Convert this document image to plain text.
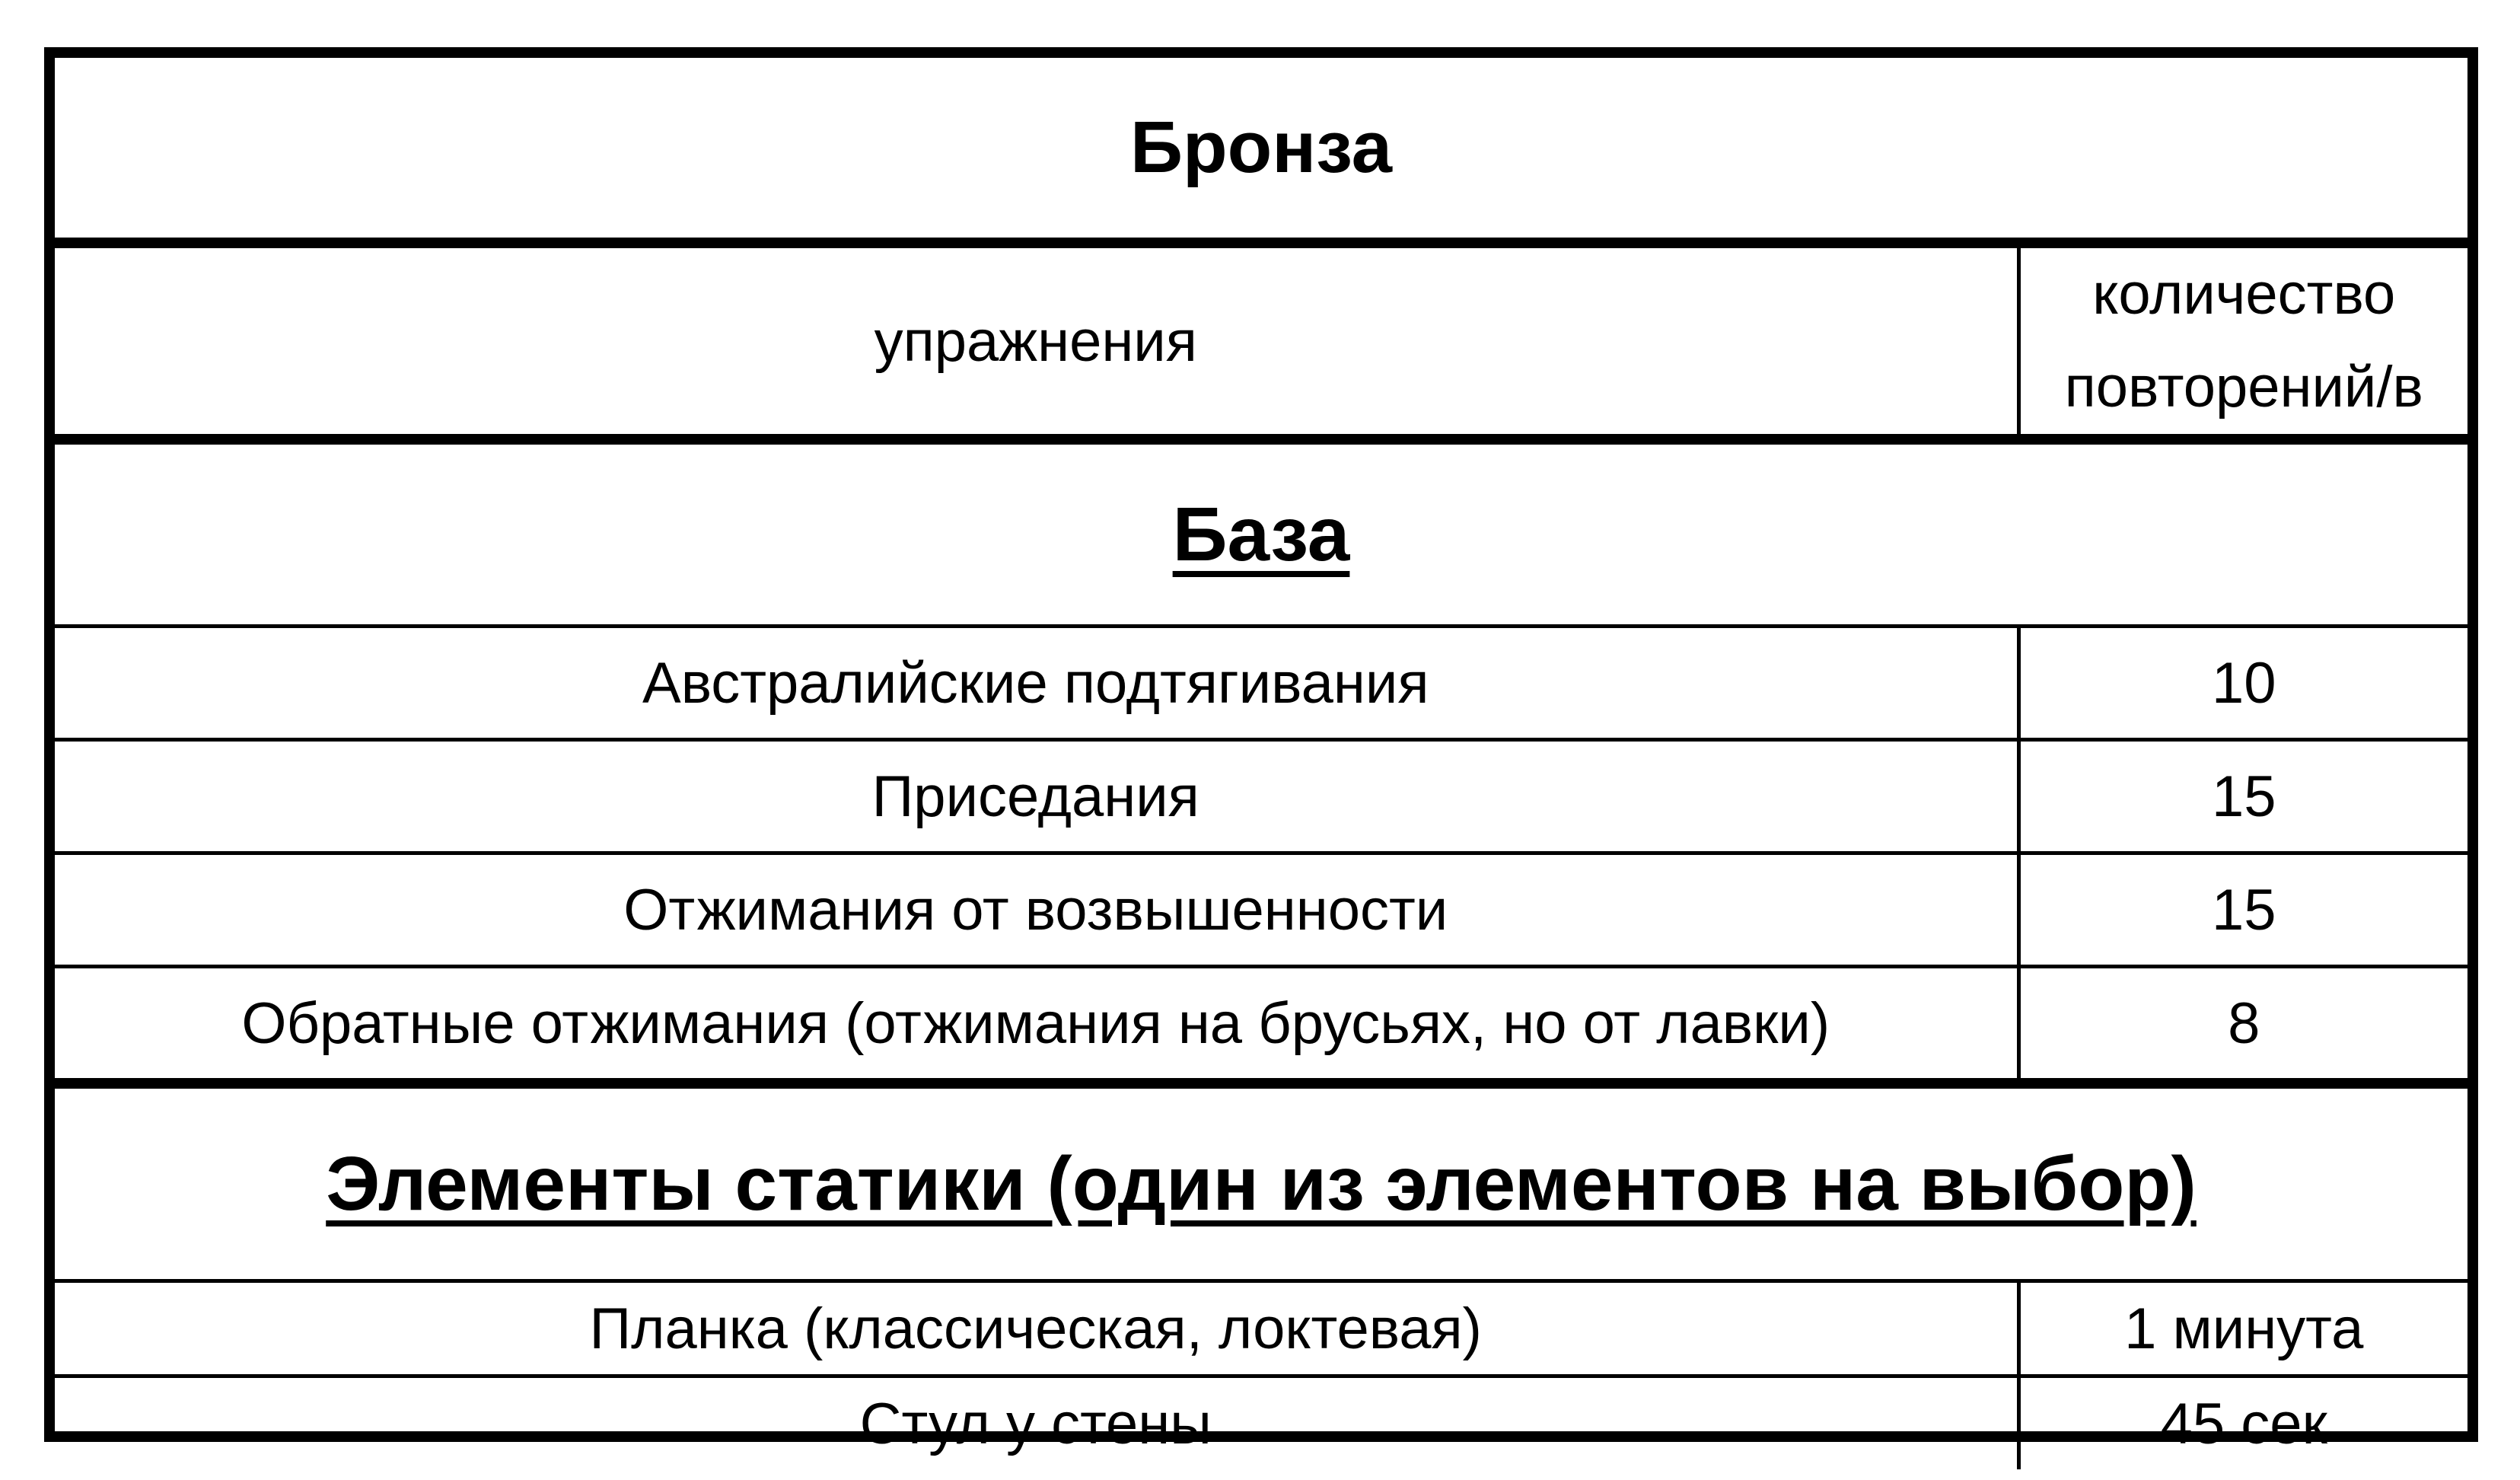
Бронза	
упражнения	количество
повторений/в

База	
Австралийские подтягивания	10
Приседания	15
Отжимания от возвышенности	15
Обратные отжимания (отжимания на брусьях, но от лавки)	8
Элементы статики (один из элементов на выбор)	
Планка (классическая, локтевая)	1 минута
Стул у стены	45 сек
